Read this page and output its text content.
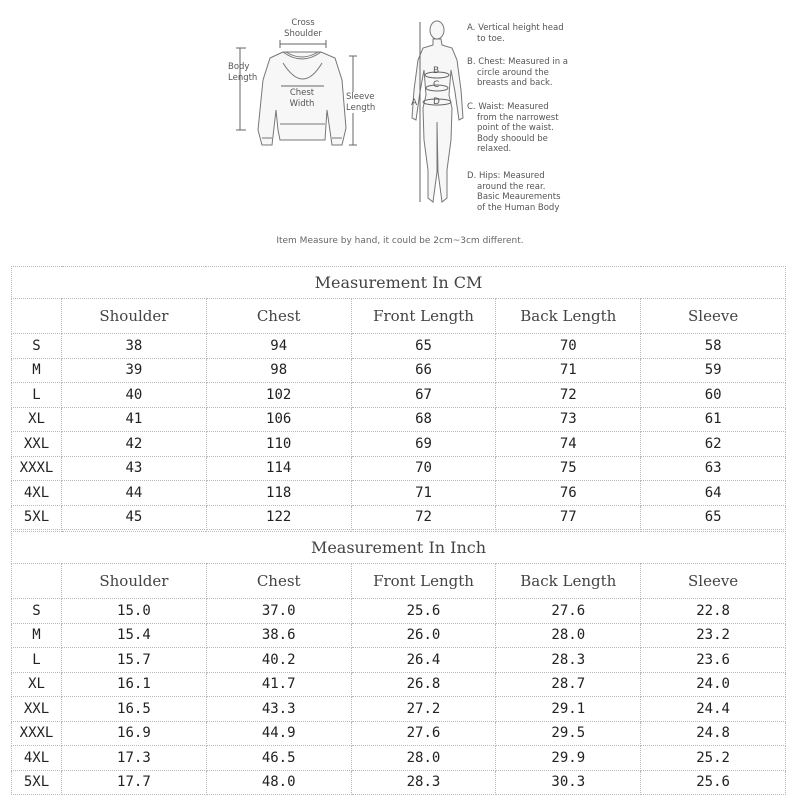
Cross
Shoulder
Body
Length
Sleeve
Length
Chest
Width	A
B
C
D
A. Vertical height head
to toe.
B. Chest: Measured in a
circle around the
breasts and back.
C. Waist: Measured
from the narrowest
point of the waist.
Body shoould be
relaxed.
D. Hips: Measured
around the rear.
Basic Meaurements
of the Human Body
Item Measure by hand, it could be 2cm~3cm different.
Measurement In CM					
	Shoulder	Chest	Front Length	Back Length	Sleeve
S	38	94	65	70	58
M	39	98	66	71	59
L	40	102	67	72	60
XL	41	106	68	73	61
XXL	42	110	69	74	62
XXXL	43	114	70	75	63
4XL	44	118	71	76	64
5XL	45	122	72	77	65
Measurement In Inch					
	Shoulder	Chest	Front Length	Back Length	Sleeve
S	15.0	37.0	25.6	27.6	22.8
M	15.4	38.6	26.0	28.0	23.2
L	15.7	40.2	26.4	28.3	23.6
XL	16.1	41.7	26.8	28.7	24.0
XXL	16.5	43.3	27.2	29.1	24.4
XXXL	16.9	44.9	27.6	29.5	24.8
4XL	17.3	46.5	28.0	29.9	25.2
5XL	17.7	48.0	28.3	30.3	25.6
